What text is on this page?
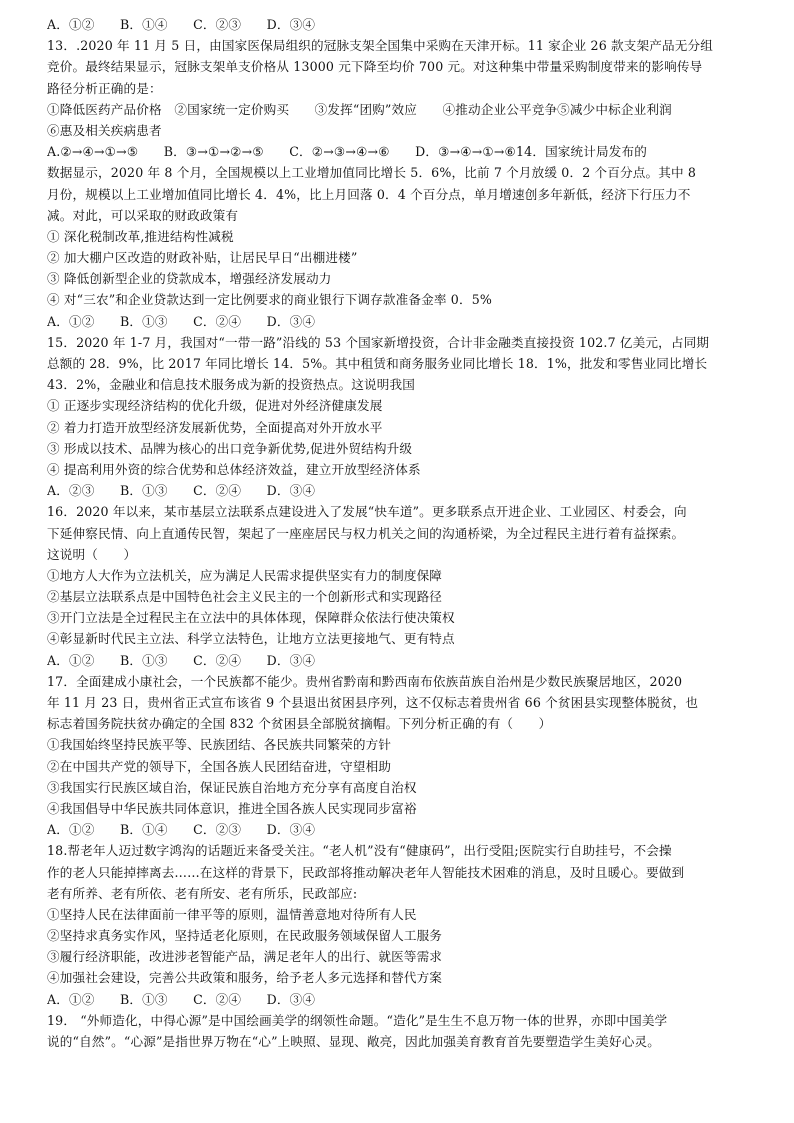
A．①②　　B．①④　　C．②③　　D．③④
13．.2020 年 11 月 5 日，由国家医保局组织的冠脉支架全国集中采购在天津开标。11 家企业 26 款支架产品无分组
竞价。最终结果显示，冠脉支架单支价格从 13000 元下降至均价 700 元。对这种集中带量采购制度带来的影响传导
路径分析正确的是：
①降低医药产品价格　②国家统一定价购买　　③发挥“团购”效应　　④推动企业公平竞争⑤减少中标企业利润
⑥惠及相关疾病患者
A.②→④→①→⑤　　B．③→①→②→⑤　　C．②→③→④→⑥　　D．③→④→①→⑥14．国家统计局发布的
数据显示，2020 年 8 个月，全国规模以上工业增加值同比增长 5．6%，比前 7 个月放缓 0．2 个百分点。其中 8
月份，规模以上工业增加值同比增长 4．4%，比上月回落 0．4 个百分点，单月增速创多年新低，经济下行压力不
减。对此，可以采取的财政政策有
① 深化税制改革,推进结构性减税
② 加大棚户区改造的财政补贴，让居民早日“出棚进楼”
③ 降低创新型企业的贷款成本，增强经济发展动力
④ 对“三农”和企业贷款达到一定比例要求的商业银行下调存款准备金率 0．5%
A．①②　　B．①③　　C．②④　　D．③④
15．2020 年 1-7 月，我国对“一带一路”沿线的 53 个国家新增投资，合计非金融类直接投资 102.7 亿美元，占同期
总额的 28．9%，比 2017 年同比增长 14．5%。其中租赁和商务服务业同比增长 18．1%，批发和零售业同比增长
43．2%，金融业和信息技术服务成为新的投资热点。这说明我国
① 正逐步实现经济结构的优化升级，促进对外经济健康发展
② 着力打造开放型经济发展新优势，全面提高对外开放水平
③ 形成以技术、品牌为核心的出口竞争新优势,促进外贸结构升级
④ 提高利用外资的综合优势和总体经济效益，建立开放型经济体系
A．②③　　B．①③　　C．②④　　D．③④
16．2020 年以来，某市基层立法联系点建设进入了发展“快车道”。更多联系点开进企业、工业园区、村委会，向
下延伸察民情、向上直通传民智，架起了一座座居民与权力机关之间的沟通桥梁，为全过程民主进行着有益探索。
这说明（　　）
①地方人大作为立法机关，应为满足人民需求提供坚实有力的制度保障
②基层立法联系点是中国特色社会主义民主的一个创新形式和实现路径
③开门立法是全过程民主在立法中的具体体现，保障群众依法行使决策权
④彰显新时代民主立法、科学立法特色，让地方立法更接地气、更有特点
A．①②　　B．①③　　C．②④　　D．③④
17．全面建成小康社会，一个民族都不能少。贵州省黔南和黔西南布依族苗族自治州是少数民族聚居地区，2020
年 11 月 23 日，贵州省正式宣布该省 9 个县退出贫困县序列，这不仅标志着贵州省 66 个贫困县实现整体脱贫，也
标志着国务院扶贫办确定的全国 832 个贫困县全部脱贫摘帽。下列分析正确的有（　　）
①我国始终坚持民族平等、民族团结、各民族共同繁荣的方针
②在中国共产党的领导下，全国各族人民团结奋进，守望相助
③我国实行民族区域自治，保证民族自治地方充分享有高度自治权
④我国倡导中华民族共同体意识，推进全国各族人民实现同步富裕
A．①②　　B．①④　　C．②③　　D．③④
18.帮老年人迈过数字鸿沟的话题近来备受关注。“老人机”没有“健康码”，出行受阻;医院实行自助挂号，不会操
作的老人只能掉摔离去……在这样的背景下，民政部将推动解决老年人智能技术困难的消息，及时且暖心。要做到
老有所养、老有所依、老有所安、老有所乐，民政部应:
①坚持人民在法律面前一律平等的原则，温情善意地对待所有人民
②坚持求真务实作风，坚持适老化原则，在民政服务领域保留人工服务
③履行经济职能，改进涉老智能产品，满足老年人的出行、就医等需求
④加强社会建设，完善公共政策和服务，给予老人多元选择和替代方案
A．①②　　B．①③　　C．②④　　D．③④
19． “外师造化，中得心源”是中国绘画美学的纲领性命题。“造化”是生生不息万物一体的世界，亦即中国美学
说的“自然”。“心源”是指世界万物在“心”上映照、显现、敞亮，因此加强美育教育首先要塑造学生美好心灵。
